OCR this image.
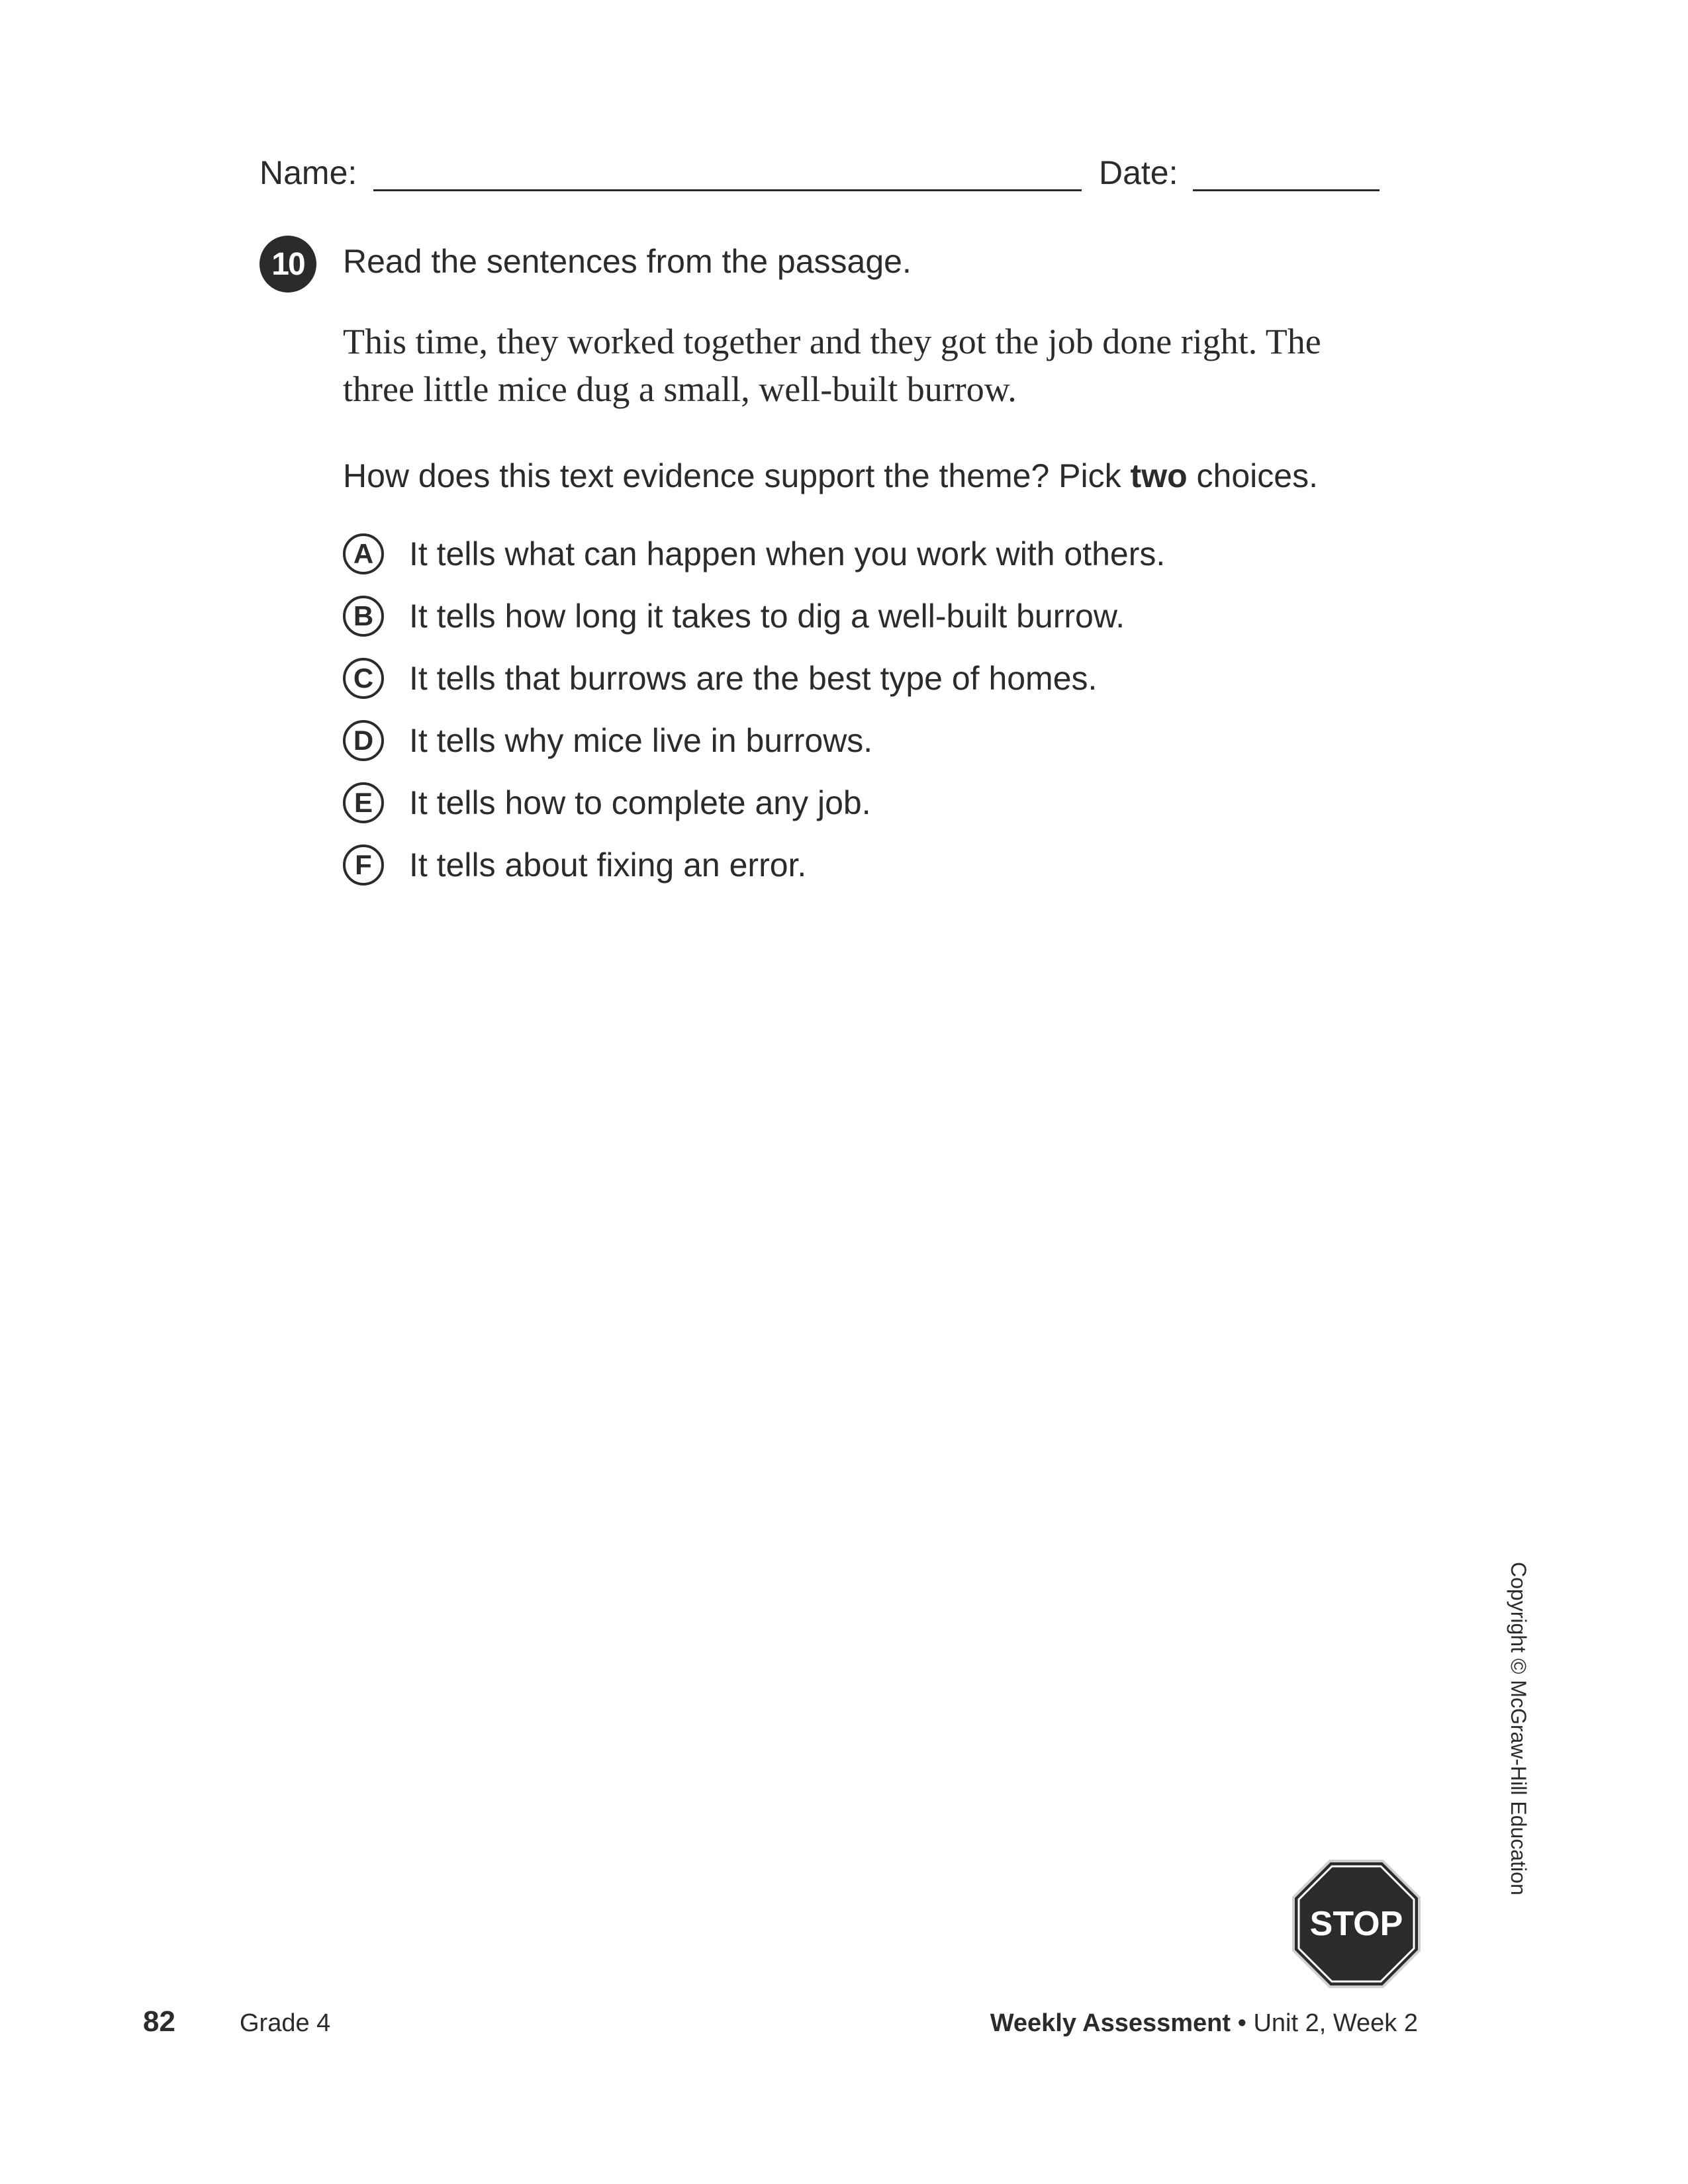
Name:	Date:
10	Read the sentences from the passage.
This time, they worked together and they got the job done right. The
three little mice dug a small, well-built burrow.
How does this text evidence support the theme? Pick two choices.
A	It tells what can happen when you work with others.
B	It tells how long it takes to dig a well-built burrow.
C	It tells that burrows are the best type of homes.
D	It tells why mice live in burrows.
E	It tells how to complete any job.
F	It tells about fixing an error.
STOP
Copyright © McGraw-Hill Education
82	Grade 4	Weekly Assessment • Unit 2, Week 2
